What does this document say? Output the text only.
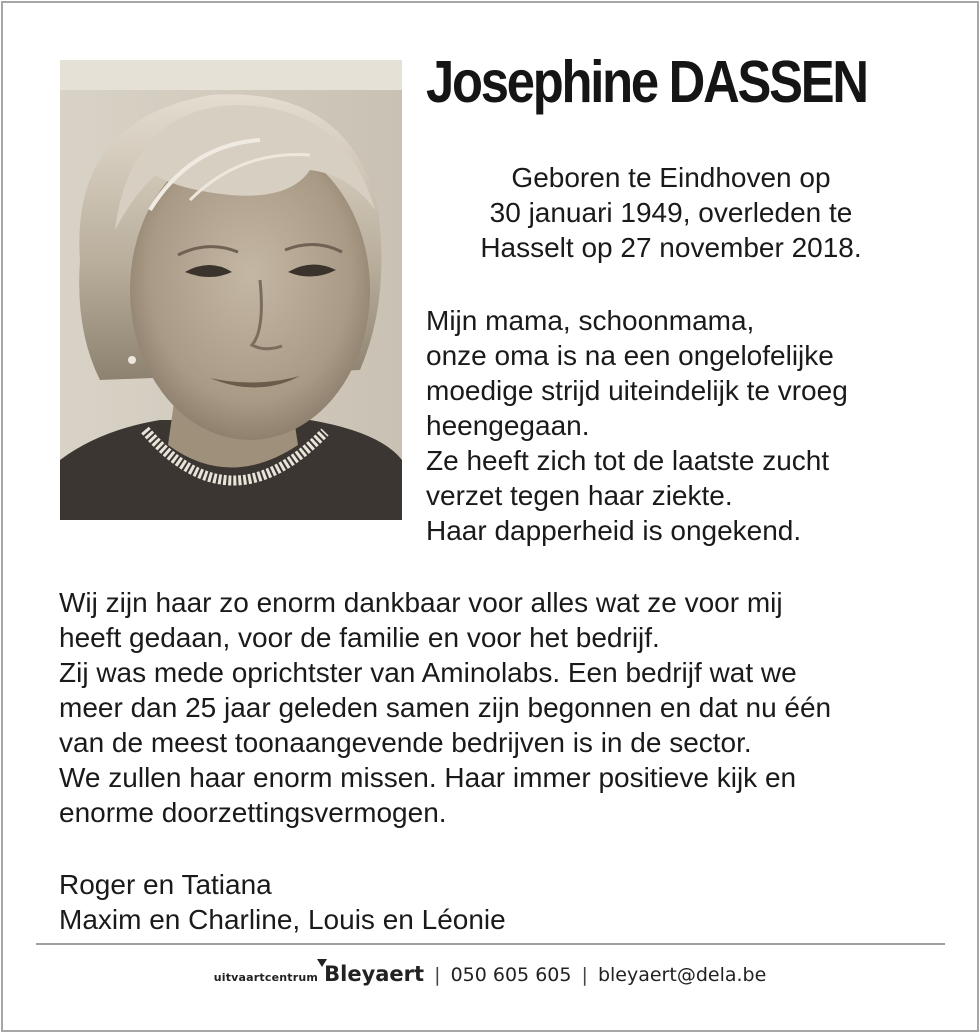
Josephine DASSEN
Geboren te Eindhoven op
30 januari 1949, overleden te
Hasselt op 27 november 2018.
Mijn mama, schoonmama,
onze oma is na een ongelofelijke
moedige strijd uiteindelijk te vroeg
heengegaan.
Ze heeft zich tot de laatste zucht
verzet tegen haar ziekte.
Haar dapperheid is ongekend.
Wij zijn haar zo enorm dankbaar voor alles wat ze voor mij
heeft gedaan, voor de familie en voor het bedrijf.
Zij was mede oprichtster van Aminolabs. Een bedrijf wat we
meer dan 25 jaar geleden samen zijn begonnen en dat nu één
van de meest toonaangevende bedrijven is in de sector.
We zullen haar enorm missen. Haar immer positieve kijk en
enorme doorzettingsvermogen.
Roger en Tatiana
Maxim en Charline, Louis en Léonie
uitvaartcentrum Bleyaert | 050 605 605 | bleyaert@dela.be
